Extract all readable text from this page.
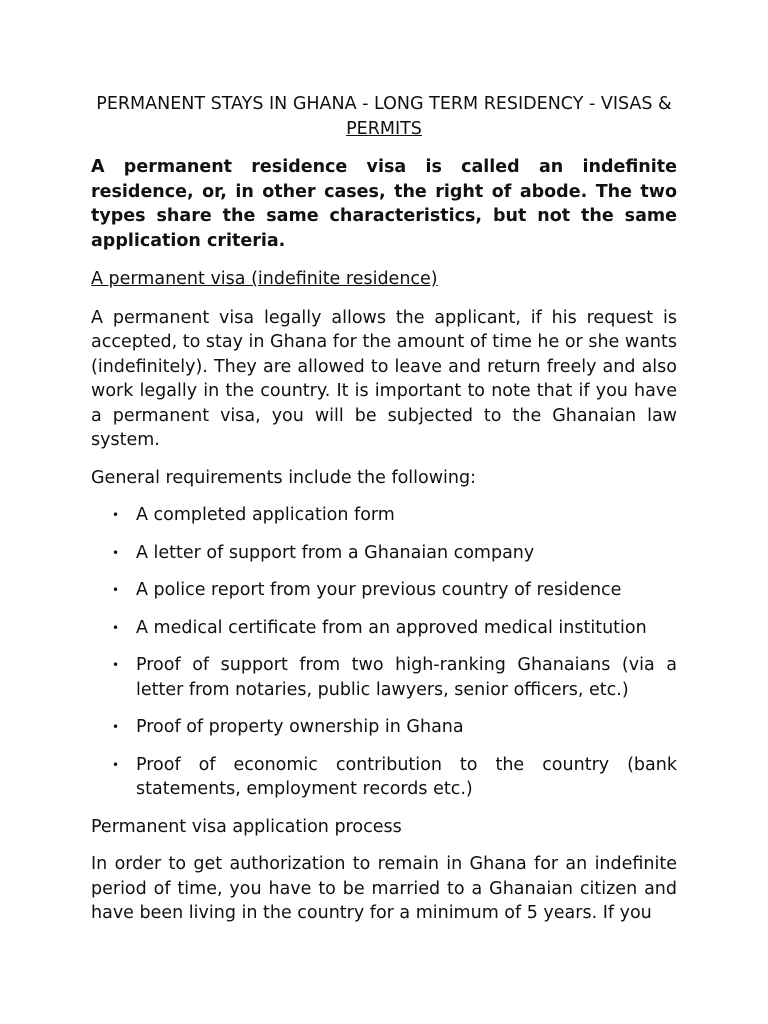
PERMANENT STAYS IN GHANA - LONG TERM RESIDENCY - VISAS &
PERMITS

A permanent residence visa is called an indefinite residence, or, in other cases, the right of abode. The two types share the same characteristics, but not the same application criteria.

A permanent visa (indefinite residence)

A permanent visa legally allows the applicant, if his request is accepted, to stay in Ghana for the amount of time he or she wants (indefinitely). They are allowed to leave and return freely and also work legally in the country. It is important to note that if you have a permanent visa, you will be subjected to the Ghanaian law system.

General requirements include the following:

• A completed application form
• A letter of support from a Ghanaian company
• A police report from your previous country of residence
• A medical certificate from an approved medical institution
• Proof of support from two high-ranking Ghanaians (via a letter from notaries, public lawyers, senior officers, etc.)
• Proof of property ownership in Ghana
• Proof of economic contribution to the country (bank statements, employment records etc.)

Permanent visa application process

In order to get authorization to remain in Ghana for an indefinite period of time, you have to be married to a Ghanaian citizen and have been living in the country for a minimum of 5 years. If you
